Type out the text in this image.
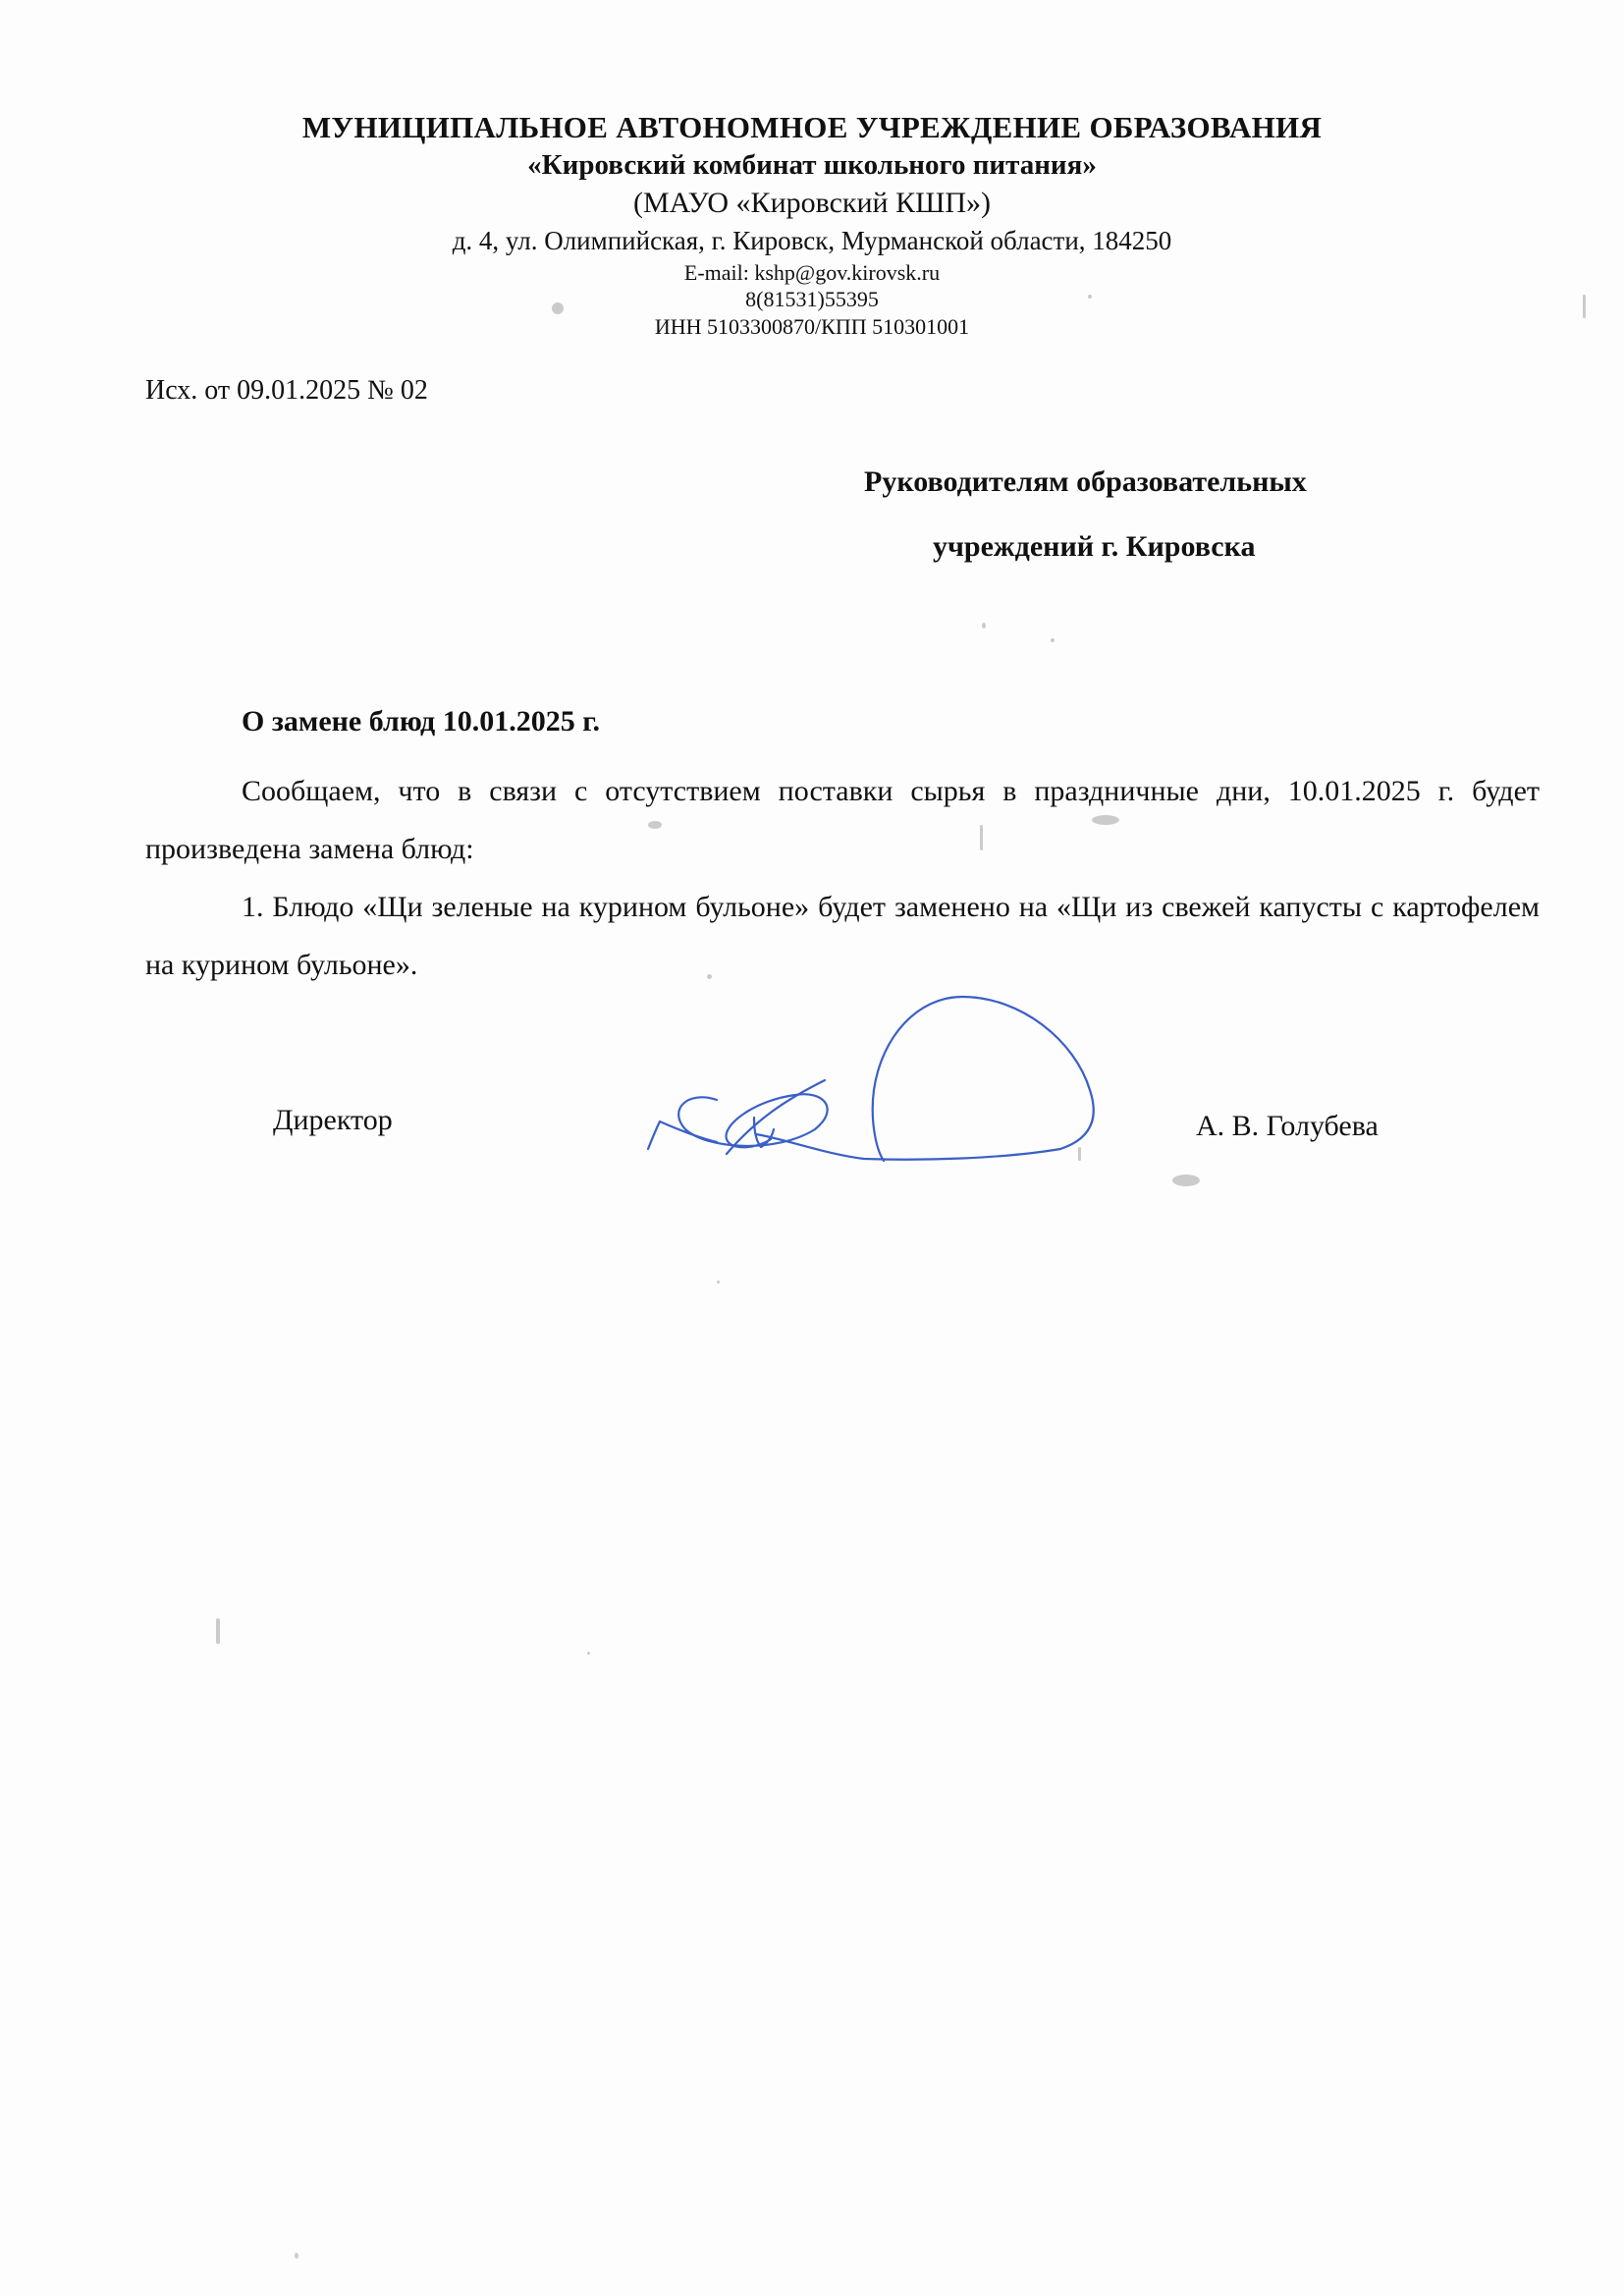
МУНИЦИПАЛЬНОЕ АВТОНОМНОЕ УЧРЕЖДЕНИЕ ОБРАЗОВАНИЯ
«Кировский комбинат школьного питания»
(МАУО «Кировский КШП»)
д. 4, ул. Олимпийская, г. Кировск, Мурманской области, 184250
E-mail: kshp@gov.kirovsk.ru
8(81531)55395
ИНН 5103300870/КПП 510301001
Исх. от 09.01.2025 № 02
Руководителям образовательных
учреждений г. Кировска
О замене блюд 10.01.2025 г.

Сообщаем, что в связи с отсутствием поставки сырья в праздничные дни, 10.01.2025 г. будет произведена замена блюд:

1. Блюдо «Щи зеленые на курином бульоне» будет заменено на «Щи из свежей капусты с картофелем на курином бульоне».

Директор	А. В. Голубева
